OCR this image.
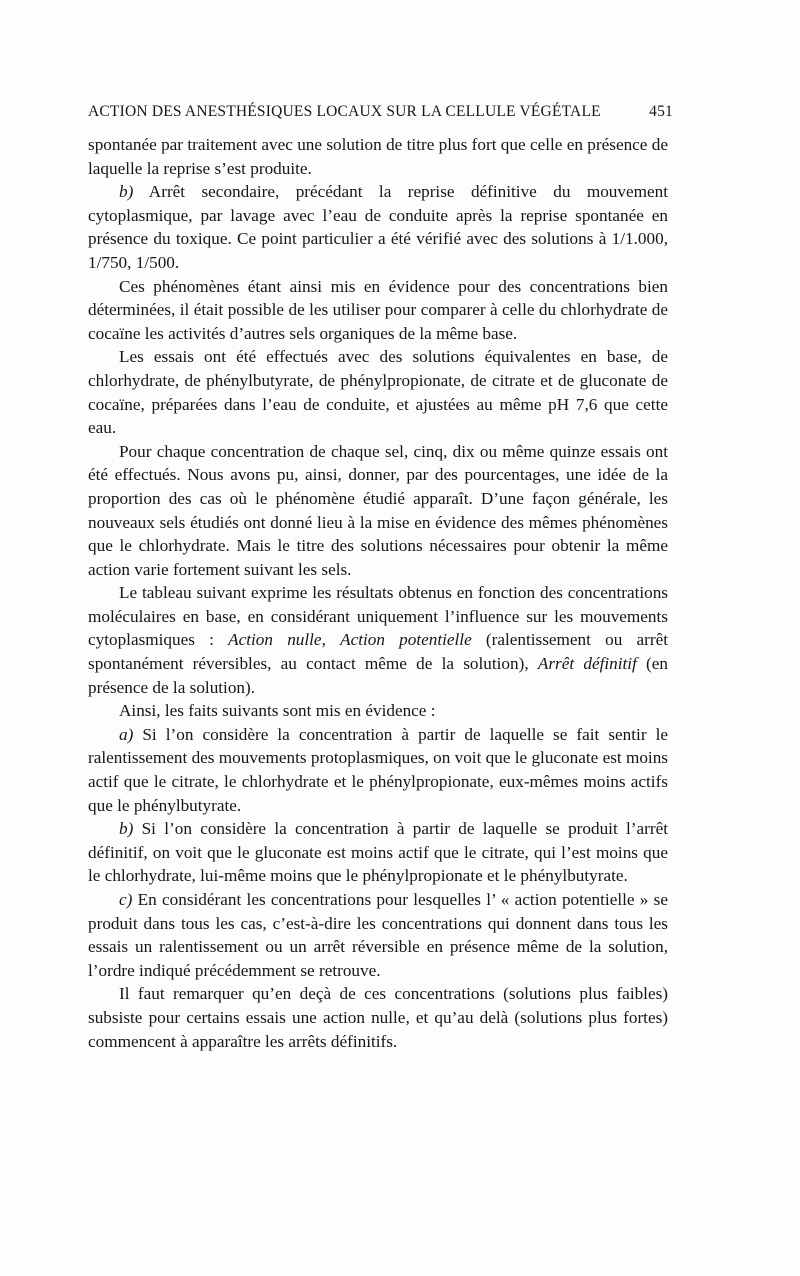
ACTION DES ANESTHÉSIQUES LOCAUX SUR LA CELLULE VÉGÉTALE	451

spontanée par traitement avec une solution de titre plus fort que celle en présence de laquelle la reprise s’est produite.

b) Arrêt secondaire, précédant la reprise définitive du mouvement cytoplasmique, par lavage avec l’eau de conduite après la reprise spontanée en présence du toxique. Ce point particulier a été vérifié avec des solutions à 1/1.000, 1/750, 1/500.

Ces phénomènes étant ainsi mis en évidence pour des concentrations bien déterminées, il était possible de les utiliser pour comparer à celle du chlorhydrate de cocaïne les activités d’autres sels organiques de la même base.

Les essais ont été effectués avec des solutions équivalentes en base, de chlorhydrate, de phénylbutyrate, de phénylpropionate, de citrate et de gluconate de cocaïne, préparées dans l’eau de conduite, et ajustées au même pH 7,6 que cette eau.

Pour chaque concentration de chaque sel, cinq, dix ou même quinze essais ont été effectués. Nous avons pu, ainsi, donner, par des pourcentages, une idée de la proportion des cas où le phénomène étudié apparaît. D’une façon générale, les nouveaux sels étudiés ont donné lieu à la mise en évidence des mêmes phénomènes que le chlorhydrate. Mais le titre des solutions nécessaires pour obtenir la même action varie fortement suivant les sels.

Le tableau suivant exprime les résultats obtenus en fonction des concentrations moléculaires en base, en considérant uniquement l’influence sur les mouvements cytoplasmiques : Action nulle, Action potentielle (ralentissement ou arrêt spontanément réversibles, au contact même de la solution), Arrêt définitif (en présence de la solution).

Ainsi, les faits suivants sont mis en évidence :

a) Si l’on considère la concentration à partir de laquelle se fait sentir le ralentissement des mouvements protoplasmiques, on voit que le gluconate est moins actif que le citrate, le chlorhydrate et le phénylpropionate, eux-mêmes moins actifs que le phénylbutyrate.

b) Si l’on considère la concentration à partir de laquelle se produit l’arrêt définitif, on voit que le gluconate est moins actif que le citrate, qui l’est moins que le chlorhydrate, lui-même moins que le phénylpropionate et le phénylbutyrate.

c) En considérant les concentrations pour lesquelles l’ « action potentielle » se produit dans tous les cas, c’est-à-dire les concentrations qui donnent dans tous les essais un ralentissement ou un arrêt réversible en présence même de la solution, l’ordre indiqué précédemment se retrouve.

Il faut remarquer qu’en deçà de ces concentrations (solutions plus faibles) subsiste pour certains essais une action nulle, et qu’au delà (solutions plus fortes) commencent à apparaître les arrêts définitifs.
